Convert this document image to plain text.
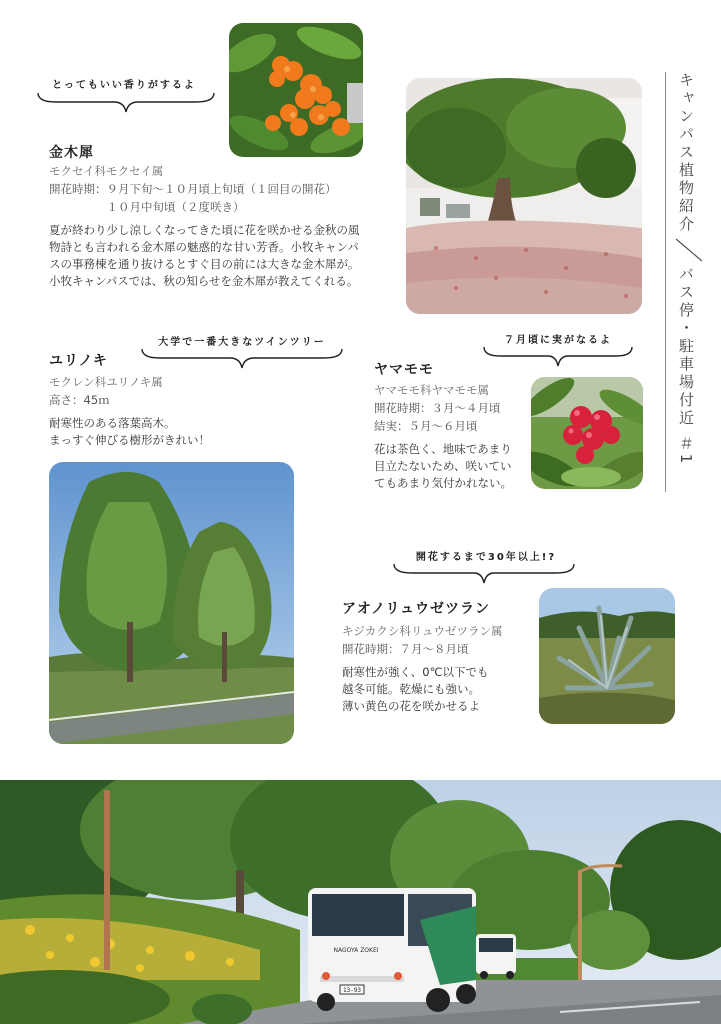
キャンパス植物紹介
バス停・駐車場付近 ＃1
とってもいい香りがするよ
金木犀
モクセイ科モクセイ属
開花時期：９月下旬〜１０月頃上旬頃（１回目の開花）
　　　　　１０月中旬頃（２度咲き）
夏が終わり少し涼しくなってきた頃に花を咲かせる金秋の風物詩とも言われる金木犀の魅惑的な甘い芳香。小牧キャンパスの事務棟を通り抜けるとすぐ目の前には大きな金木犀が。小牧キャンパスでは、秋の知らせを金木犀が教えてくれる。
大学で一番大きなツインツリー
ユリノキ
モクレン科ユリノキ属
高さ：45ｍ
耐寒性のある落葉高木。
まっすぐ伸びる樹形がきれい！
７月頃に実がなるよ
ヤマモモ
ヤマモモ科ヤマモモ属
開花時期：３月〜４月頃
結実：５月〜６月頃
花は茶色く、地味であまり目立たないため、咲いていてもあまり気付かれない。
開花するまで30年以上!?
アオノリュウゼツラン
キジカクシ科リュウゼツラン属
開花時期：７月〜８月頃
耐寒性が強く、0℃以下でも
越冬可能。乾燥にも強い。
薄い黄色の花を咲かせるよ
NAGOYA ZOKEI
13-93
